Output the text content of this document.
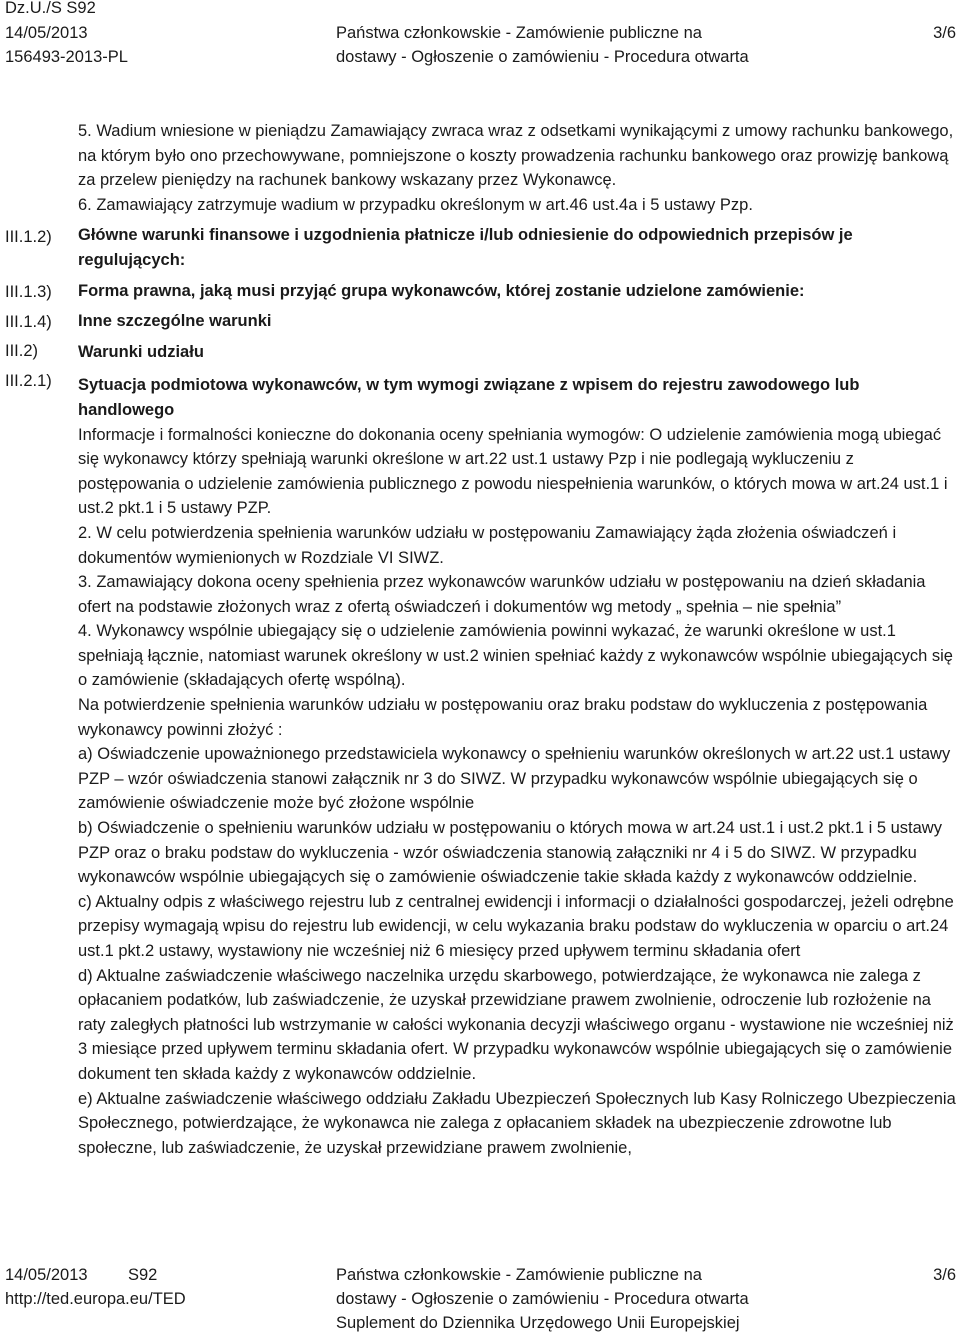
Dz.U./S S92
14/05/2013
156493-2013-PL
Państwa członkowskie - Zamówienie publiczne na
dostawy - Ogłoszenie o zamówieniu - Procedura otwarta
3/6
III.1.2)
III.1.3)
III.1.4)
III.2)
III.2.1)

5. Wadium wniesione w pieniądzu Zamawiający zwraca wraz z odsetkami wynikającymi z umowy rachunku bankowego, na którym było ono przechowywane, pomniejszone o koszty prowadzenia rachunku bankowego oraz prowizję bankową za przelew pieniędzy na rachunek bankowy wskazany przez Wykonawcę.

6. Zamawiający zatrzymuje wadium w przypadku określonym w art.46 ust.4a i 5 ustawy Pzp.

Główne warunki finansowe i uzgodnienia płatnicze i/lub odniesienie do odpowiednich przepisów je regulujących:

Forma prawna, jaką musi przyjąć grupa wykonawców, której zostanie udzielone zamówienie:

Inne szczególne warunki

Warunki udziału

Sytuacja podmiotowa wykonawców, w tym wymogi związane z wpisem do rejestru zawodowego lub handlowego

Informacje i formalności konieczne do dokonania oceny spełniania wymogów: O udzielenie zamówienia mogą ubiegać się wykonawcy którzy spełniają warunki określone w art.22 ust.1 ustawy Pzp i nie podlegają wykluczeniu z postępowania o udzielenie zamówienia publicznego z powodu niespełnienia warunków, o których mowa w art.24 ust.1 i ust.2 pkt.1 i 5 ustawy PZP.

2. W celu potwierdzenia spełnienia warunków udziału w postępowaniu Zamawiający żąda złożenia oświadczeń i dokumentów wymienionych w Rozdziale VI SIWZ.

3. Zamawiający dokona oceny spełnienia przez wykonawców warunków udziału w postępowaniu na dzień składania ofert na podstawie złożonych wraz z ofertą oświadczeń i dokumentów wg metody „ spełnia – nie spełnia”

4. Wykonawcy wspólnie ubiegający się o udzielenie zamówienia powinni wykazać, że warunki określone w ust.1 spełniają łącznie, natomiast warunek określony w ust.2 winien spełniać każdy z wykonawców wspólnie ubiegających się o zamówienie (składających ofertę wspólną).

Na potwierdzenie spełnienia warunków udziału w postępowaniu oraz braku podstaw do wykluczenia z postępowania wykonawcy powinni złożyć :

a) Oświadczenie upoważnionego przedstawiciela wykonawcy o spełnieniu warunków określonych w art.22 ust.1 ustawy PZP – wzór oświadczenia stanowi załącznik nr 3 do SIWZ. W przypadku wykonawców wspólnie ubiegających się o zamówienie oświadczenie może być złożone wspólnie

b) Oświadczenie o spełnieniu warunków udziału w postępowaniu o których mowa w art.24 ust.1 i ust.2 pkt.1 i 5 ustawy PZP oraz o braku podstaw do wykluczenia - wzór oświadczenia stanowią załączniki nr 4 i 5 do SIWZ. W przypadku wykonawców wspólnie ubiegających się o zamówienie oświadczenie takie składa każdy z wykonawców oddzielnie.

c) Aktualny odpis z właściwego rejestru lub z centralnej ewidencji i informacji o działalności gospodarczej, jeżeli odrębne przepisy wymagają wpisu do rejestru lub ewidencji, w celu wykazania braku podstaw do wykluczenia w oparciu o art.24 ust.1 pkt.2 ustawy, wystawiony nie wcześniej niż 6 miesięcy przed upływem terminu składania ofert

d) Aktualne zaświadczenie właściwego naczelnika urzędu skarbowego, potwierdzające, że wykonawca nie zalega z opłacaniem podatków, lub zaświadczenie, że uzyskał przewidziane prawem zwolnienie, odroczenie lub rozłożenie na raty zaległych płatności lub wstrzymanie w całości wykonania decyzji właściwego organu - wystawione nie wcześniej niż 3 miesiące przed upływem terminu składania ofert. W przypadku wykonawców wspólnie ubiegających się o zamówienie dokument ten składa każdy z wykonawców oddzielnie.

e) Aktualne zaświadczenie właściwego oddziału Zakładu Ubezpieczeń Społecznych lub Kasy Rolniczego Ubezpieczenia Społecznego, potwierdzające, że wykonawca nie zalega z opłacaniem składek na ubezpieczenie zdrowotne lub społeczne, lub zaświadczenie, że uzyskał przewidziane prawem zwolnienie,

14/05/2013 S92
http://ted.europa.eu/TED
Państwa członkowskie - Zamówienie publiczne na
dostawy - Ogłoszenie o zamówieniu - Procedura otwarta
Suplement do Dziennika Urzędowego Unii Europejskiej
3/6
